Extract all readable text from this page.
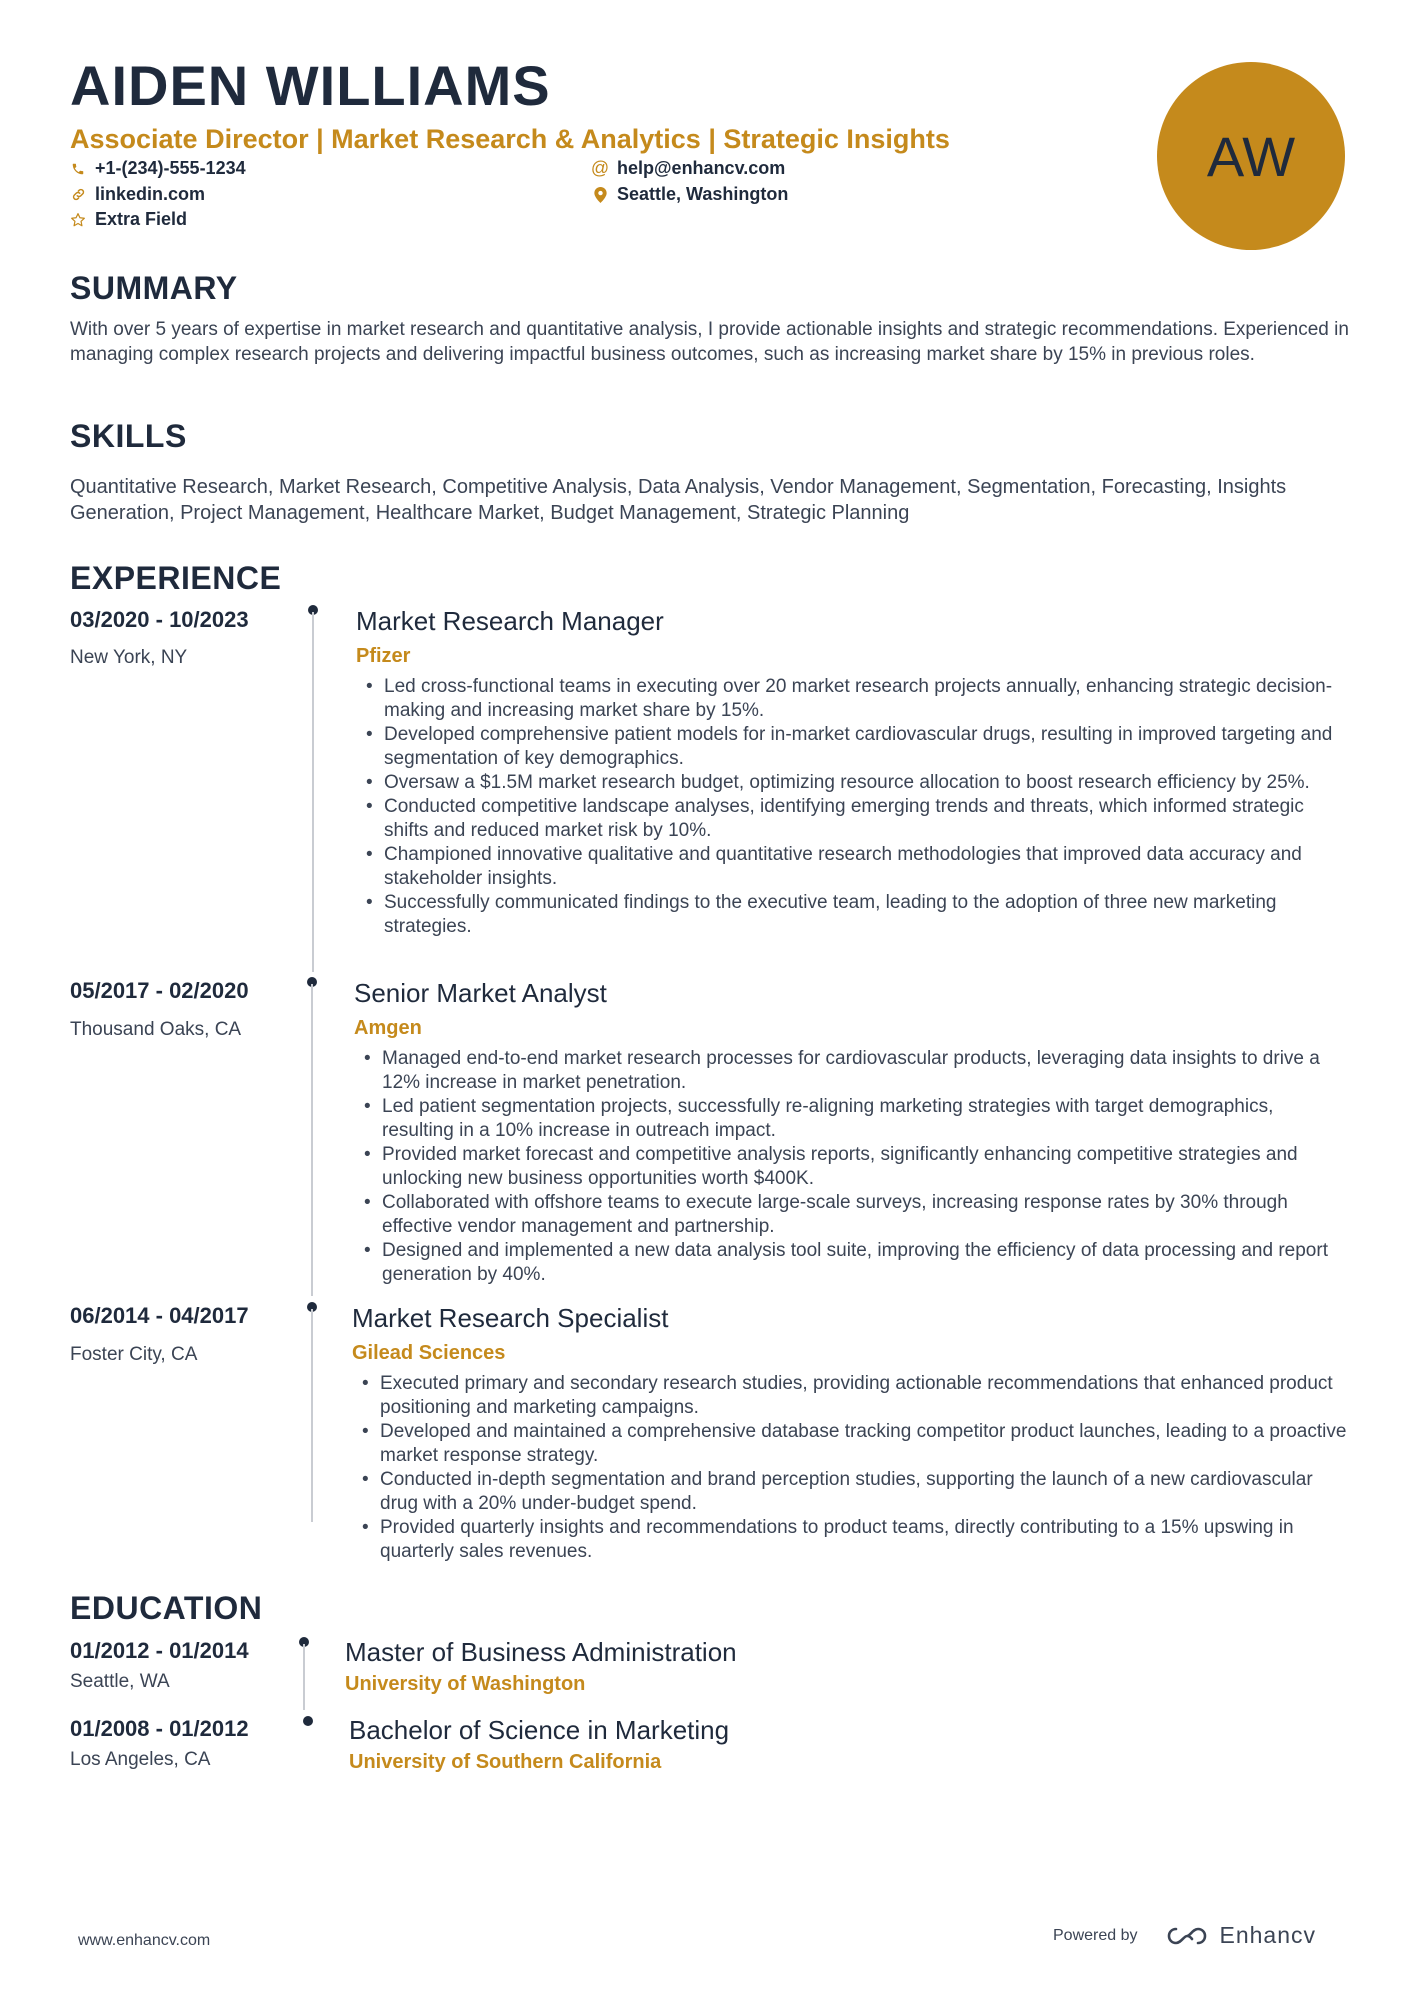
AIDEN WILLIAMS
Associate Director | Market Research & Analytics | Strategic Insights
+1-(234)-555-1234	@ help@enhancv.com
linkedin.com	Seattle, Washington
Extra Field
AW
SUMMARY
With over 5 years of expertise in market research and quantitative analysis, I provide actionable insights and strategic recommendations. Experienced in managing complex research projects and delivering impactful business outcomes, such as increasing market share by 15% in previous roles.
SKILLS
Quantitative Research, Market Research, Competitive Analysis, Data Analysis, Vendor Management, Segmentation, Forecasting, Insights Generation, Project Management, Healthcare Market, Budget Management, Strategic Planning
EXPERIENCE
03/2020 - 10/2023
New York, NY
Market Research Manager
Pfizer
• Led cross-functional teams in executing over 20 market research projects annually, enhancing strategic decision-making and increasing market share by 15%.
• Developed comprehensive patient models for in-market cardiovascular drugs, resulting in improved targeting and segmentation of key demographics.
• Oversaw a $1.5M market research budget, optimizing resource allocation to boost research efficiency by 25%.
• Conducted competitive landscape analyses, identifying emerging trends and threats, which informed strategic shifts and reduced market risk by 10%.
• Championed innovative qualitative and quantitative research methodologies that improved data accuracy and stakeholder insights.
• Successfully communicated findings to the executive team, leading to the adoption of three new marketing strategies.
05/2017 - 02/2020
Thousand Oaks, CA
Senior Market Analyst
Amgen
• Managed end-to-end market research processes for cardiovascular products, leveraging data insights to drive a 12% increase in market penetration.
• Led patient segmentation projects, successfully re-aligning marketing strategies with target demographics, resulting in a 10% increase in outreach impact.
• Provided market forecast and competitive analysis reports, significantly enhancing competitive strategies and unlocking new business opportunities worth $400K.
• Collaborated with offshore teams to execute large-scale surveys, increasing response rates by 30% through effective vendor management and partnership.
• Designed and implemented a new data analysis tool suite, improving the efficiency of data processing and report generation by 40%.
06/2014 - 04/2017
Foster City, CA
Market Research Specialist
Gilead Sciences
• Executed primary and secondary research studies, providing actionable recommendations that enhanced product positioning and marketing campaigns.
• Developed and maintained a comprehensive database tracking competitor product launches, leading to a proactive market response strategy.
• Conducted in-depth segmentation and brand perception studies, supporting the launch of a new cardiovascular drug with a 20% under-budget spend.
• Provided quarterly insights and recommendations to product teams, directly contributing to a 15% upswing in quarterly sales revenues.
EDUCATION
01/2012 - 01/2014
Seattle, WA
Master of Business Administration
University of Washington
01/2008 - 01/2012
Los Angeles, CA
Bachelor of Science in Marketing
University of Southern California
www.enhancv.com	Powered by	Enhancv
